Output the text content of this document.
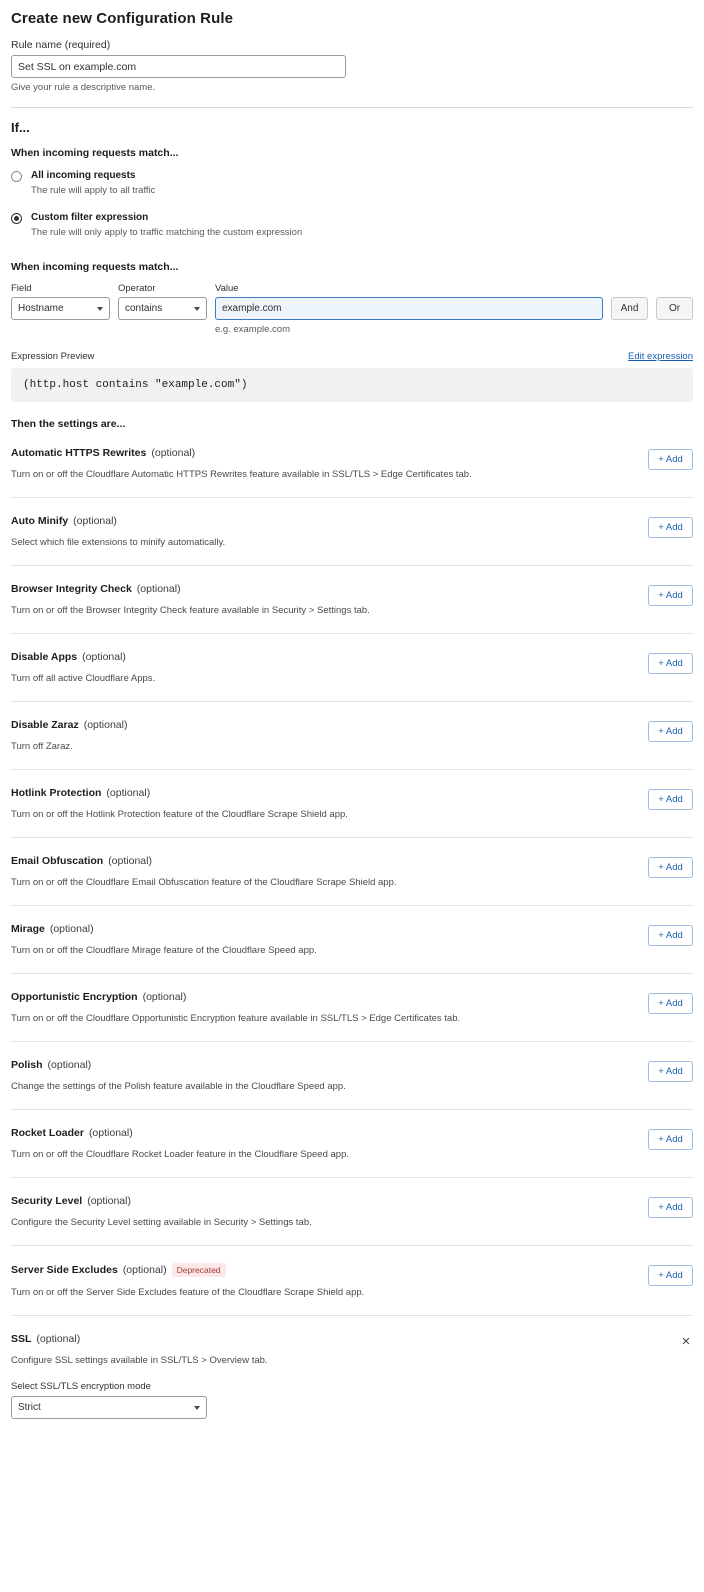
Create new Configuration Rule
Rule name (required)
Set SSL on example.com
Give your rule a descriptive name.
If...
When incoming requests match...
All incoming requests
The rule will apply to all traffic
Custom filter expression
The rule will only apply to traffic matching the custom expression
When incoming requests match...
Field
Hostname
Operator
contains
Value
example.com
e.g. example.com
And	Or
Expression Preview	Edit expression
(http.host contains "example.com")
Then the settings are...
Automatic HTTPS Rewrites (optional)
Turn on or off the Cloudflare Automatic HTTPS Rewrites feature available in SSL/TLS > Edge Certificates tab.
+ Add
Auto Minify (optional)
Select which file extensions to minify automatically.
+ Add
Browser Integrity Check (optional)
Turn on or off the Browser Integrity Check feature available in Security > Settings tab.
+ Add
Disable Apps (optional)
Turn off all active Cloudflare Apps.
+ Add
Disable Zaraz (optional)
Turn off Zaraz.
+ Add
Hotlink Protection (optional)
Turn on or off the Hotlink Protection feature of the Cloudflare Scrape Shield app.
+ Add
Email Obfuscation (optional)
Turn on or off the Cloudflare Email Obfuscation feature of the Cloudflare Scrape Shield app.
+ Add
Mirage (optional)
Turn on or off the Cloudflare Mirage feature of the Cloudflare Speed app.
+ Add
Opportunistic Encryption (optional)
Turn on or off the Cloudflare Opportunistic Encryption feature available in SSL/TLS > Edge Certificates tab.
+ Add
Polish (optional)
Change the settings of the Polish feature available in the Cloudflare Speed app.
+ Add
Rocket Loader (optional)
Turn on or off the Cloudflare Rocket Loader feature in the Cloudflare Speed app.
+ Add
Security Level (optional)
Configure the Security Level setting available in Security > Settings tab.
+ Add
Server Side Excludes (optional)	Deprecated
Turn on or off the Server Side Excludes feature of the Cloudflare Scrape Shield app.
+ Add
SSL (optional)
Configure SSL settings available in SSL/TLS > Overview tab.
Select SSL/TLS encryption mode
Strict
×
